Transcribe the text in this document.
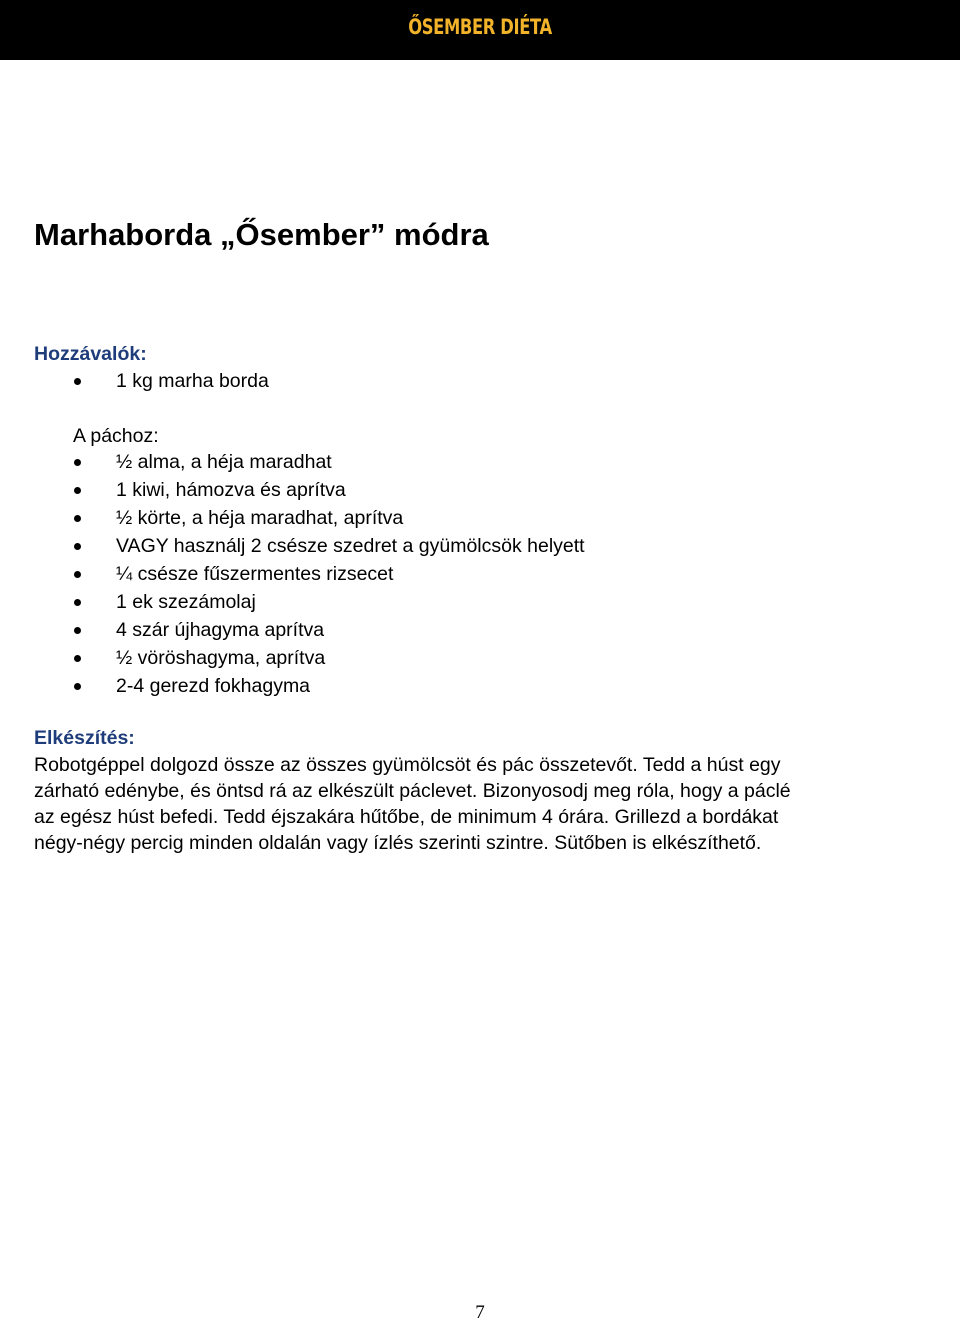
ŐSEMBER DIÉTA
Marhaborda „Ősember” módra
Hozzávalók:
1 kg marha borda
A páchoz:
½ alma, a héja maradhat
1 kiwi, hámozva és aprítva
½ körte, a héja maradhat, aprítva
VAGY használj 2 csésze szedret a gyümölcsök helyett
¼ csésze fűszermentes rizsecet
1 ek szezámolaj
4 szár újhagyma aprítva
½ vöröshagyma, aprítva
2-4 gerezd fokhagyma
Elkészítés:
Robotgéppel dolgozd össze az összes gyümölcsöt és pác összetevőt. Tedd a húst egy
zárható edénybe, és öntsd rá az elkészült páclevet. Bizonyosodj meg róla, hogy a páclé
az egész húst befedi. Tedd éjszakára hűtőbe, de minimum 4 órára. Grillezd a bordákat
négy-négy percig minden oldalán vagy ízlés szerinti szintre. Sütőben is elkészíthető.
7
